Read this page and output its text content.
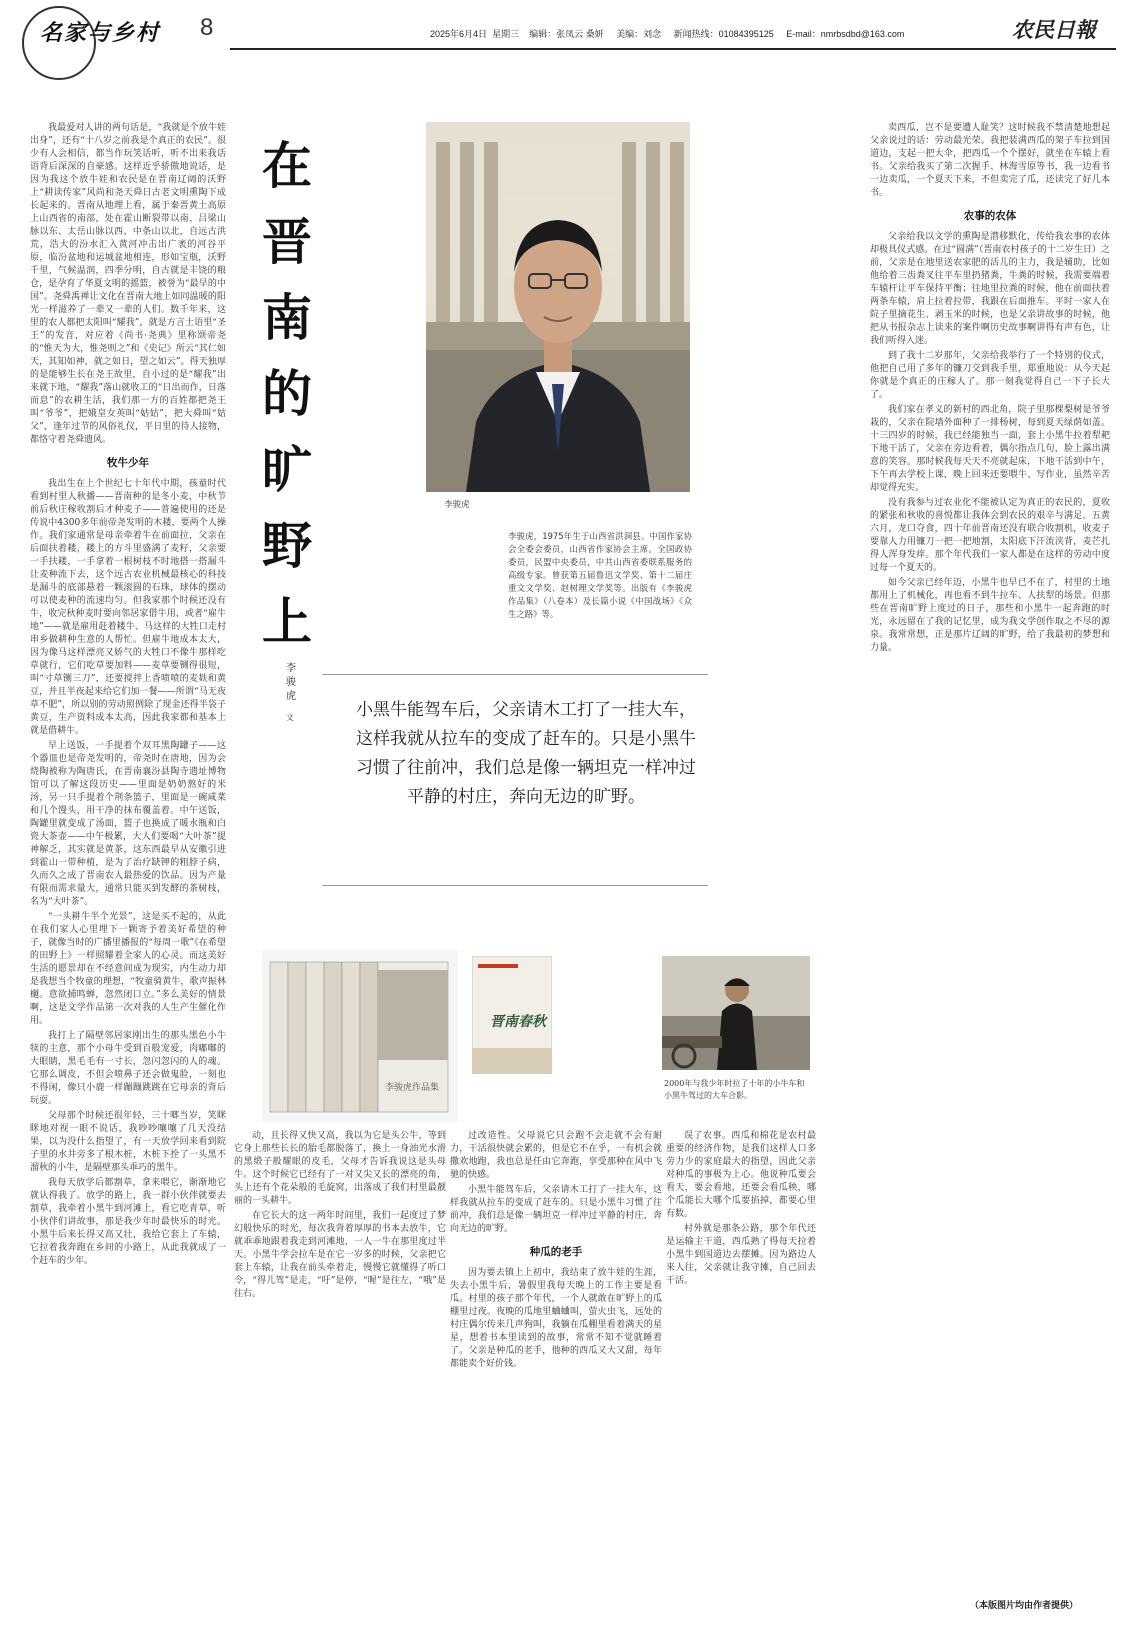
名家与乡村	8	2025年6月4日 星期三 编辑：张凤云 桑妍 美编：刘念 新闻热线：01084395125 E-mail：nmrbsdbd@163.com	农民日報

我最爱对人讲的两句话是，“我就是个放牛娃出身”，还有“十八岁之前我是个真正的农民”。很少有人会相信，都当作玩笑话听，听不出来我话语背后深深的自豪感。这样近乎骄傲地说话，是因为我这个放牛娃和农民是在晋南辽阔的沃野上“耕读传家”风尚和尧天舜日古老文明熏陶下成长起来的。晋南从地理上看，属于秦晋黄土高原上山西省的南部，处在霍山断裂带以南、吕梁山脉以东、太岳山脉以西、中条山以北，自远古洪荒，浩大的汾水汇入黄河冲击出广袤的河谷平原，临汾盆地和运城盆地相连，形如宝瓶，沃野千里，气候温润，四季分明，自古就是丰饶的粮仓，是孕育了华夏文明的摇篮，被誉为“最早的中国”。尧舜禹禅让文化在晋南大地上如同温暖的阳光一样滋养了一辈又一辈的人们。数千年来，这里的农人都把太阳叫“耀我”，就是方言土语里“圣王”的发音，对应着《尚书·尧典》里称颂帝尧的“惟天为大，惟尧则之”和《史记》所云“其仁如天，其知如神，就之如日，望之如云”。得天独厚的是能够生长在尧王故里，自小过的是“耀我”出来就下地，“耀我”落山就收工的“日出而作，日落而息”的农耕生活，我们那一方的百姓都把尧王叫“爷爷”，把娥皇女英叫“姑姑”，把大舜叫“姑父”，逢年过节的风俗礼仪，平日里的待人接物，都恪守着尧舜遗风。

牧牛少年

我出生在上个世纪七十年代中期，孩童时代看到村里人秋播——晋南种的是冬小麦，中秋节前后秋庄稼收割后才种麦子——普遍使用的还是传说中4300多年前帝尧发明的木耧，要两个人操作。我们家通常是母亲牵着牛在前面拉，父亲在后面扶着耧，耧上的方斗里盛满了麦籽，父亲要一手扶耧，一手拿着一根树枝不时地搭一搭漏斗让麦种流下去，这个远古农业机械最核心的科技是漏斗的底部悬着一颗滚圆的石珠，球体的摆动可以使麦种的流速均匀。但我家那个时候还没有牛，收完秋种麦时要向邻居家借牛用，或者“雇牛地”——就是雇用赶着耧牛、马这样的大牲口走村串乡做耕种生意的人帮忙。但雇牛地成本太大，因为像马这样漂亮又娇气的大牲口不像牛那样吃草就行，它们吃草要加料——麦草要铡得很短，叫“寸草铡三刀”，还要搅拌上香喷喷的麦麸和黄豆，并且半夜起来给它们加一餐——所谓“马无夜草不肥”，所以别的劳动照例除了现金还得半袋子黄豆，生产资料成本太高，因此我家都和基本上就是借耕牛。

早上送饭，一手提着个双耳黑陶罐子——这个器皿也是帝尧发明的，帝尧时在唐地，因为会烧陶被称为陶唐氏，在晋南襄汾县陶寺遗址博物馆可以了解这段历史——里面是奶奶熬好的米汤，另一只手提着个荆条篮子，里面是一碗咸菜和几个馒头，用干净的抹布覆盖着。中午送饭，陶罐里就变成了汤面，篮子也换成了暖水瓶和白瓷大茶壶——中午极累，大人们要喝“大叶茶”提神解乏，其实就是黄茶，这东西最早从安徽引进到霍山一带种植，是为了治疗缺钾的粗脖子病，久而久之成了晋南农人最热爱的饮品。因为产量有限而需求量大，通常只能买到发酵的茶树枝，名为“大叶茶”。

“一头耕牛半个光景”，这是买不起的，从此在我们家人心里埋下一颗寄予着美好希望的种子，就像当时的广播里播报的“每周一歌”《在希望的田野上》一样照耀着全家人的心灵。而这美好生活的愿景却在不经意间成为现实，内生动力却是我想当个牧童的理想，“牧童骑黄牛，歌声振林樾。意欲捕鸣蝉，忽然闭口立。”多么美好的情景啊，这是文学作品第一次对我的人生产生催化作用。

我打上了隔壁邻居家刚出生的那头黑色小牛犊的主意，那个小母牛受到百般宠爱，肉嘟嘟的大眼睛，黑毛毛有一寸长，忽闪忽闪的人的魂。它那么调皮，不但会喷鼻子还会做鬼脸，一刻也不得闲，像只小鹿一样蹦蹦跳跳在它母亲的背后玩耍。

父母那个时候还很年轻，三十啷当岁，笑眯眯地对视一眼不说话，我吵吵嚷嚷了几天没结果，以为没什么指望了，有一天放学回来看到院子里的水井旁多了根木桩，木桩下拴了一头黑不溜秋的小牛，是隔壁那头乖巧的黑牛。

我每天放学后都割草，拿来喂它，渐渐地它就认得我了。放学的路上，我一群小伙伴就要去割草，我牵着小黑牛到河滩上，看它吃青草，听小伙伴们讲故事，那是我少年时最快乐的时光。小黑牛后来长得又高又壮，我给它套上了车辕，它拉着我奔跑在乡间的小路上，从此我就成了一个赶车的少年。

在晋南的旷野上
李骏虎
李骏虎，1975年生于山西省洪洞县。中国作家协会全委会委员，山西省作家协会主席。全国政协委员，民盟中央委员，中共山西省委联系服务的高级专家。曾获第五届鲁迅文学奖、第十二届庄重文文学奖、赵树理文学奖等。出版有《李骏虎作品集》（八卷本）及长篇小说《中国战场》《众生之路》等。
李骏虎
文	小黑牛能驾车后，父亲请木工打了一挂大车，这样我就从拉车的变成了赶车的。只是小黑牛习惯了往前冲，我们总是像一辆坦克一样冲过平静的村庄，奔向无边的旷野。
李骏虎作品集
晋南春秋
2000年与我少年时拉了十年的小牛车和小黑牛驾过的大车合影。

动，且长得又快又高，我以为它是头公牛，等到它身上那些长长的胎毛都脱落了，换上一身油光水滑的黑缎子般耀眼的皮毛，父母才告诉我说这是头母牛。这个时候它已经有了一对又尖又长的漂亮的角，头上还有个花朵般的毛旋窝，出落成了我们村里最靓丽的一头耕牛。

在它长大的这一两年时间里，我们一起度过了梦幻般快乐的时光，每次我背着厚厚的书本去放牛，它就乖乖地跟着我走到河滩地，一人一牛在那里度过半天。小黑牛学会拉车是在它一岁多的时候，父亲把它套上车辕，让我在前头牵着走，慢慢它就懂得了听口令，“得儿驾”是走，“吁”是停，“喔”是往左，“哦”是往右。

过改造性。父母说它只会跑不会走就不会有耐力，干活很快就会累的，但是它不在乎，一有机会就撒欢地跑，我也总是任由它奔跑，享受那种在风中飞驰的快感。

小黑牛能驾车后，父亲请木工打了一挂大车，这样我就从拉车的变成了赶车的。只是小黑牛习惯了往前冲，我们总是像一辆坦克一样冲过平静的村庄，奔向无边的旷野。

种瓜的老手

因为要去镇上上初中，我结束了放牛娃的生涯，失去小黑牛后，暑假里我每天晚上的工作主要是看瓜。村里的孩子那个年代，一个人就敢在旷野上的瓜棚里过夜。夜晚的瓜地里蛐蛐叫，萤火虫飞，远处的村庄偶尔传来几声狗叫，我躺在瓜棚里看着满天的星星，想着书本里读到的故事，常常不知不觉就睡着了。父亲是种瓜的老手，他种的西瓜又大又甜，每年都能卖个好价钱。

误了农事。西瓜和棉花是农村最重要的经济作物，是我们这样人口多劳力少的家庭最大的指望，因此父亲对种瓜的事极为上心。他说种瓜要会看天，要会看地，还要会看瓜秧，哪个瓜能长大哪个瓜要掐掉，都要心里有数。

村外就是那条公路，那个年代还是运输主干道，西瓜熟了得每天拉着小黑牛到国道边去摆摊。因为路边人来人往，父亲就让我守摊，自己回去干活。

卖西瓜，岂不是要遭人耻笑？这时候我不禁清楚地想起父亲说过的话：劳动最光荣。我把装满西瓜的架子车拉到国道边，支起一把大伞，把西瓜一个个摆好，就坐在车辕上看书。父亲给我买了第二次握手、林海雪原等书，我一边看书一边卖瓜，一个夏天下来，不但卖完了瓜，还读完了好几本书。

农事的农体

父亲给我以文学的熏陶是潜移默化，传给我农事的农体却极具仪式感。在过“圆满”（晋南农村孩子的十二岁生日）之前，父亲是在地里送农家肥的活儿的主力，我是辅助，比如他给着三齿粪叉往平车里扔猪粪，牛粪的时候，我需要端着车辕杆让平车保持平衡；往地里拉粪的时候，他在前面扶着两条车辕，肩上拉着拉带，我跟在后面推车。平时一家人在院子里摘花生、剥玉米的时候，也是父亲讲故事的时候，他把从书报杂志上读来的案件啊历史故事啊讲得有声有色，让我们听得入迷。

到了我十二岁那年，父亲给我举行了一个特别的仪式，他把自己用了多年的镰刀交到我手里，郑重地说：从今天起你就是个真正的庄稼人了。那一刻我觉得自己一下子长大了。

我们家在孝义的新村的西北角，院子里那棵梨树是爷爷栽的，父亲在院墙外面种了一排杨树，每到夏天绿荫如盖。十三四岁的时候，我已经能独当一面，套上小黑牛拉着犁耙下地干活了，父亲在旁边看着，偶尔指点几句，脸上露出满意的笑容。那时候我每天天不亮就起床，下地干活到中午，下午再去学校上课，晚上回来还要喂牛、写作业，虽然辛苦却觉得充实。

没有我参与过农业化不能被认定为真正的农民的，夏收的紧张和秋收的喜悦都让我体会到农民的艰辛与满足。五黄六月，龙口夺食，四十年前晋南还没有联合收割机，收麦子要靠人力用镰刀一把一把地割，太阳底下汗流浃背，麦芒扎得人浑身发痒。那个年代我们一家人都是在这样的劳动中度过每一个夏天的。

如今父亲已经年迈，小黑牛也早已不在了，村里的土地都用上了机械化，再也看不到牛拉车、人扶犁的场景。但那些在晋南旷野上度过的日子，那些和小黑牛一起奔跑的时光，永远留在了我的记忆里，成为我文学创作取之不尽的源泉。我常常想，正是那片辽阔的旷野，给了我最初的梦想和力量。

（本版图片均由作者提供）
